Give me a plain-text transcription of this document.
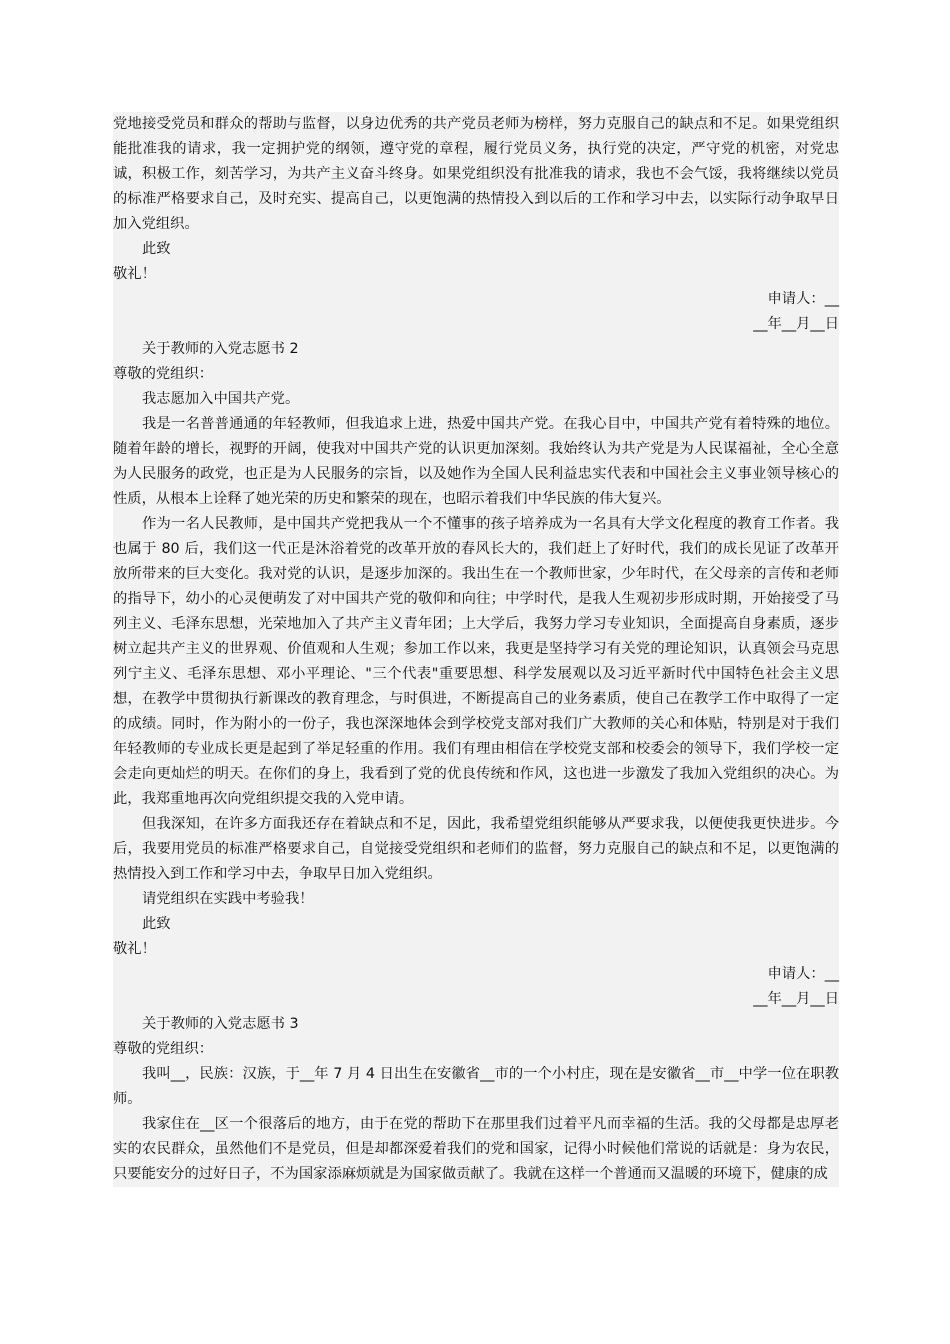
党地接受党员和群众的帮助与监督，以身边优秀的共产党员老师为榜样，努力克服自己的缺点和不足。如果党组织能批准我的请求，我一定拥护党的纲领，遵守党的章程，履行党员义务，执行党的决定，严守党的机密，对党忠诚，积极工作，刻苦学习，为共产主义奋斗终身。如果党组织没有批准我的请求，我也不会气馁，我将继续以党员的标准严格要求自己，及时充实、提高自己，以更饱满的热情投入到以后的工作和学习中去，以实际行动争取早日加入党组织。
此致
敬礼！
申请人：__
__年__月__日
关于教师的入党志愿书 2
尊敬的党组织：
我志愿加入中国共产党。
我是一名普普通通的年轻教师，但我追求上进，热爱中国共产党。在我心目中，中国共产党有着特殊的地位。随着年龄的增长，视野的开阔，使我对中国共产党的认识更加深刻。我始终认为共产党是为人民谋福祉，全心全意为人民服务的政党，也正是为人民服务的宗旨，以及她作为全国人民利益忠实代表和中国社会主义事业领导核心的性质，从根本上诠释了她光荣的历史和繁荣的现在，也昭示着我们中华民族的伟大复兴。
作为一名人民教师，是中国共产党把我从一个不懂事的孩子培养成为一名具有大学文化程度的教育工作者。我也属于 80 后，我们这一代正是沐浴着党的改革开放的春风长大的，我们赶上了好时代，我们的成长见证了改革开放所带来的巨大变化。我对党的认识，是逐步加深的。我出生在一个教师世家，少年时代，在父母亲的言传和老师的指导下，幼小的心灵便萌发了对中国共产党的敬仰和向往；中学时代，是我人生观初步形成时期，开始接受了马列主义、毛泽东思想，光荣地加入了共产主义青年团；上大学后，我努力学习专业知识，全面提高自身素质，逐步树立起共产主义的世界观、价值观和人生观；参加工作以来，我更是坚持学习有关党的理论知识，认真领会马克思列宁主义、毛泽东思想、邓小平理论、"三个代表"重要思想、科学发展观以及习近平新时代中国特色社会主义思想，在教学中贯彻执行新课改的教育理念，与时俱进，不断提高自己的业务素质，使自己在教学工作中取得了一定的成绩。同时，作为附小的一份子，我也深深地体会到学校党支部对我们广大教师的关心和体贴，特别是对于我们年轻教师的专业成长更是起到了举足轻重的作用。我们有理由相信在学校党支部和校委会的领导下，我们学校一定会走向更灿烂的明天。在你们的身上，我看到了党的优良传统和作风，这也进一步激发了我加入党组织的决心。为此，我郑重地再次向党组织提交我的入党申请。
但我深知，在许多方面我还存在着缺点和不足，因此，我希望党组织能够从严要求我，以便使我更快进步。今后，我要用党员的标准严格要求自己，自觉接受党组织和老师们的监督，努力克服自己的缺点和不足，以更饱满的热情投入到工作和学习中去，争取早日加入党组织。
请党组织在实践中考验我！
此致
敬礼！
申请人：__
__年__月__日
关于教师的入党志愿书 3
尊敬的党组织：
我叫__，民族：汉族，于__年 7 月 4 日出生在安徽省__市的一个小村庄，现在是安徽省__市__中学一位在职教师。
我家住在__区一个很落后的地方，由于在党的帮助下在那里我们过着平凡而幸福的生活。我的父母都是忠厚老实的农民群众，虽然他们不是党员，但是却都深爱着我们的党和国家，记得小时候他们常说的话就是：身为农民，只要能安分的过好日子，不为国家添麻烦就是为国家做贡献了。我就在这样一个普通而又温暖的环境下，健康的成
